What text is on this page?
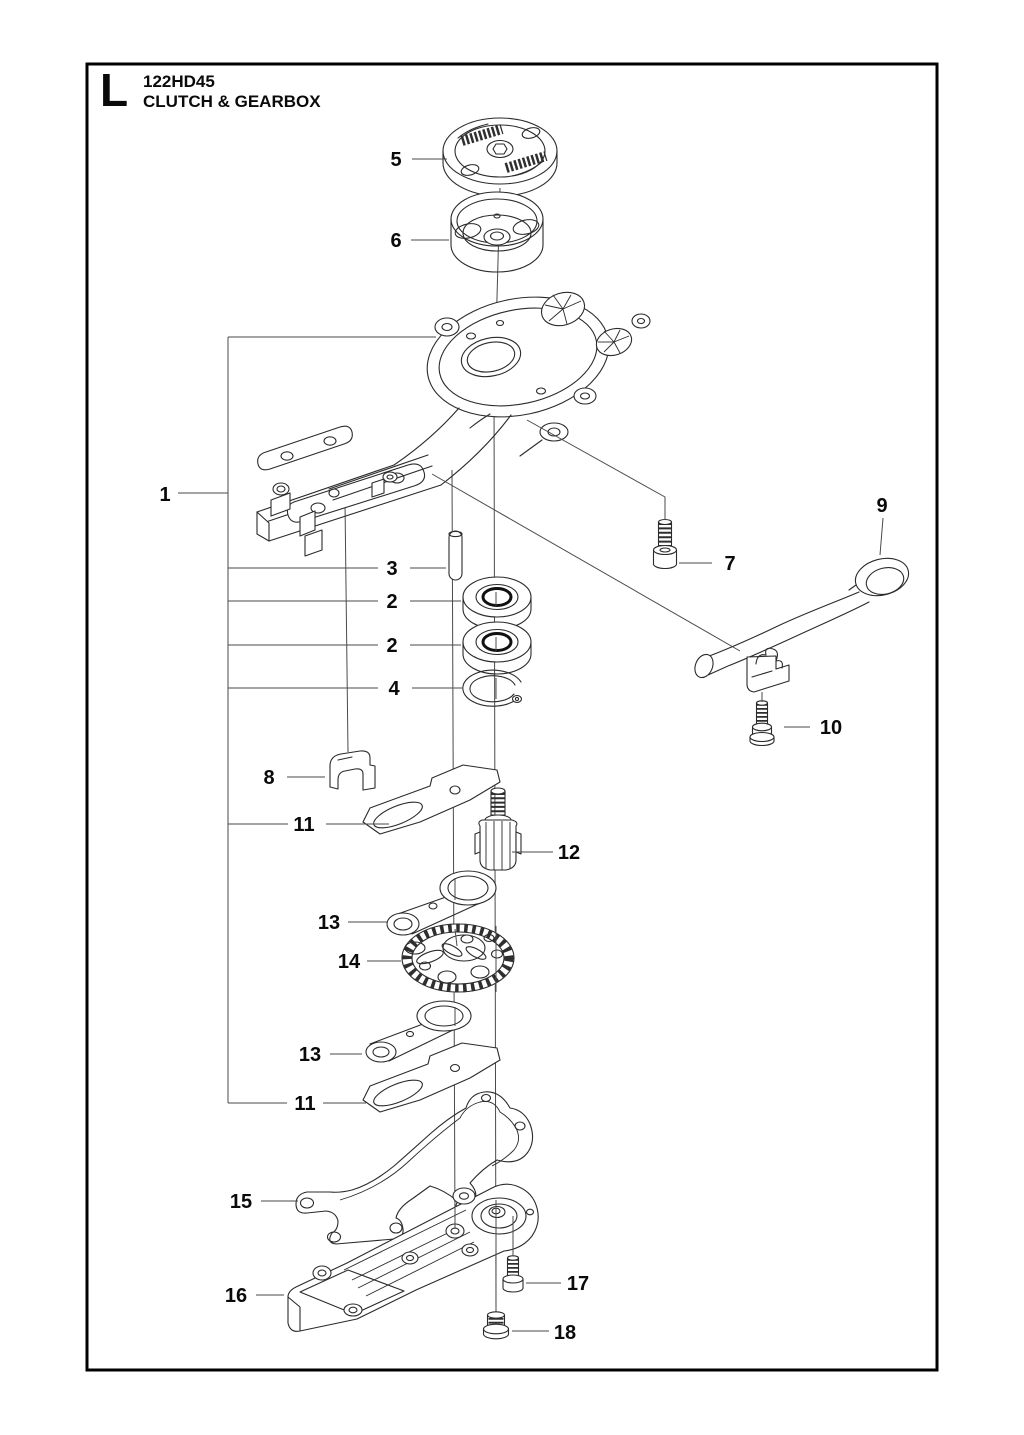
L 122HD45
CLUTCH & GEARBOX
1
3
2
2
4
5
6
7
8
9
10
11
12
13
14
13
11
15
16
17
18
